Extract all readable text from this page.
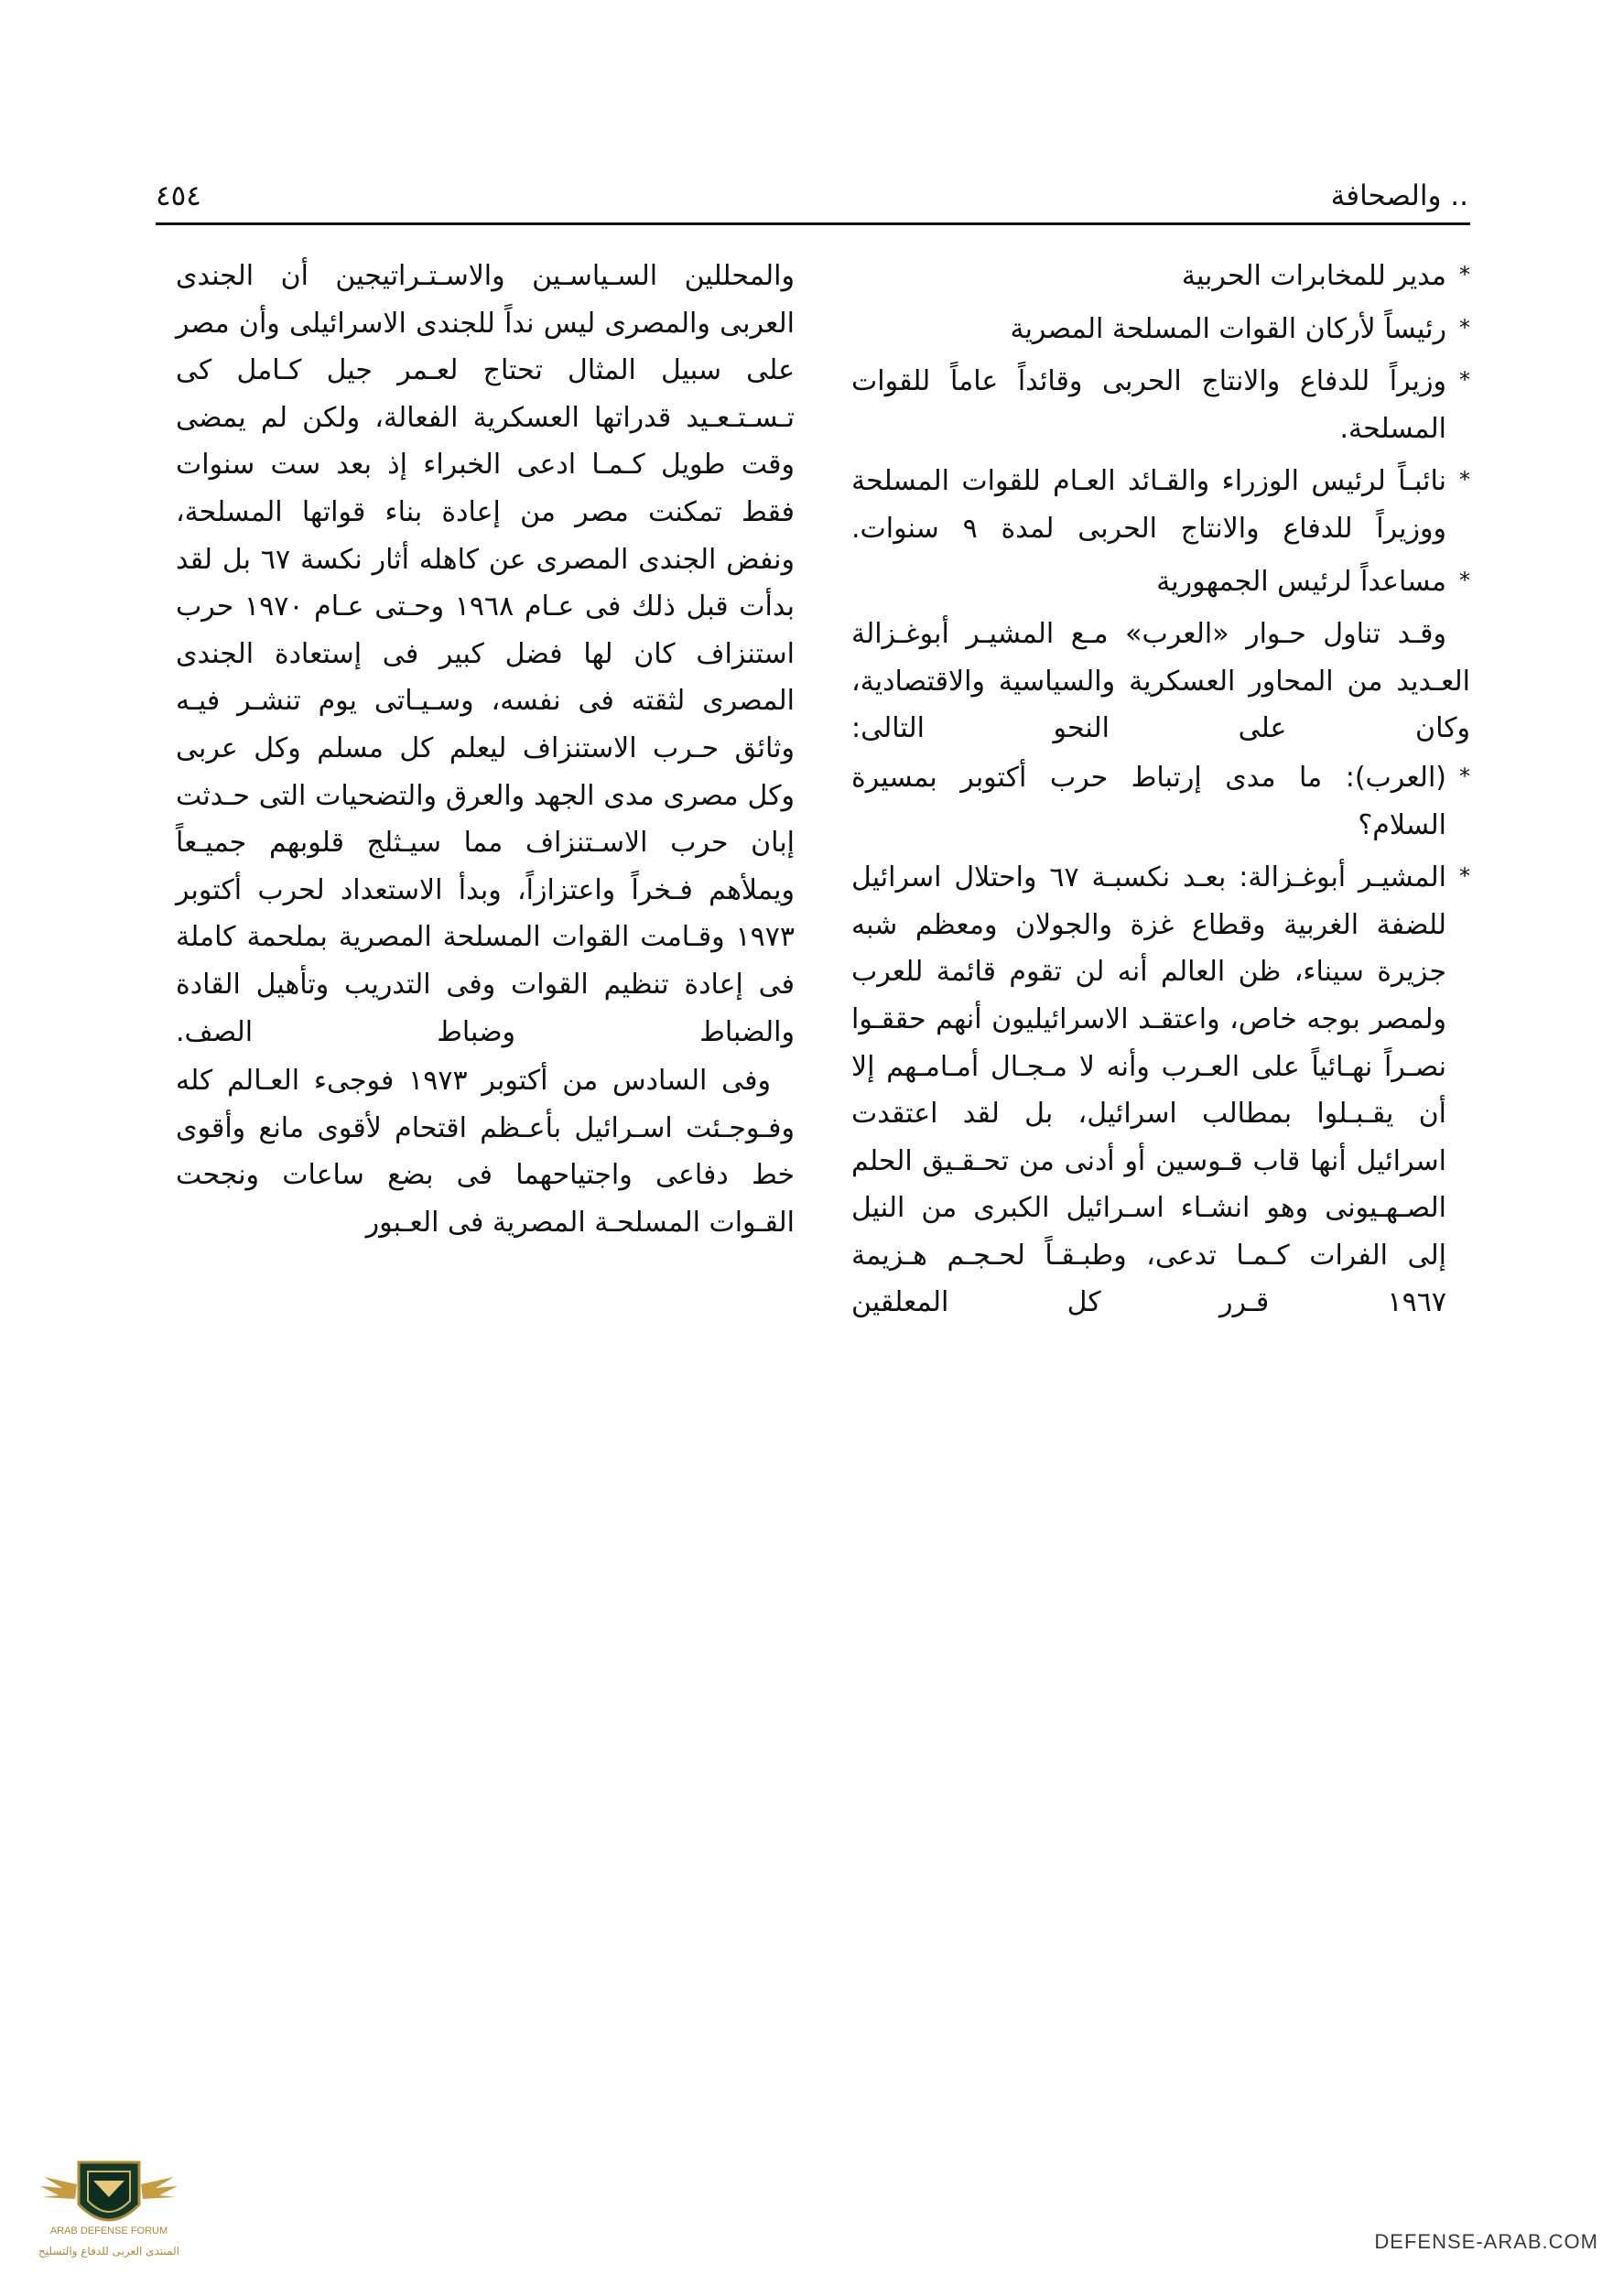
٤٥٤	.. والصحافة

والمحللين السـياسـين والاسـتـراتيجين أن الجندى العربى والمصرى ليس نداً للجندى الاسرائيلى وأن مصر على سبيل المثال تحتاج لعـمر جيل كـامل كى تـسـتـعـيد قدراتها العسكرية الفعالة، ولكن لم يمضى وقت طويل كـمـا ادعى الخبراء إذ بعد ست سنوات فقط تمكنت مصر من إعادة بناء قواتها المسلحة، ونفض الجندى المصرى عن كاهله أثار نكسة ٦٧ بل لقد بدأت قبل ذلك فى عـام ١٩٦٨ وحـتى عـام ١٩٧٠ حرب استنزاف كان لها فضل كبير فى إستعادة الجندى المصرى لثقته فى نفسه، وسـيـاتى يوم تنشـر فيـه وثائق حـرب الاستنزاف ليعلم كل مسلم وكل عربى وكل مصرى مدى الجهد والعرق والتضحيات التى حـدثت إبان حرب الاسـتنزاف مما سيـثلج قلوبهم جميـعاً ويملأهم فـخراً واعتزازاً، وبدأ الاستعداد لحرب أكتوبر ١٩٧٣ وقـامت القوات المسلحة المصرية بملحمة كاملة فى إعادة تنظيم القوات وفى التدريب وتأهيل القادة والضباط وضباط الصف.

وفى السادس من أكتوبر ١٩٧٣ فوجىء العـالم كله وفـوجـئت اسـرائيل بأعـظم اقتحام لأقوى مانع وأقوى خط دفاعى واجتياحهما فى بضع ساعات ونجحت القـوات المسلحـة المصرية فى العـبور

*
مدير للمخابرات الحربية
*
رئيساً لأركان القوات المسلحة المصرية
*
وزيراً للدفاع والانتاج الحربى وقائداً عاماً للقوات المسلحة.
*
نائبـاً لرئيس الوزراء والقـائد العـام للقوات المسلحة ووزيراً للدفاع والانتاج الحربى لمدة ٩ سنوات.
*
مساعداً لرئيس الجمهورية

وقـد تناول حـوار «العرب» مـع المشيـر أبوغـزالة العـديد من المحاور العسكرية والسياسية والاقتصادية، وكان على النحو التالى:

*
(العرب): ما مدى إرتباط حرب أكتوبر بمسيرة السلام؟
*
المشيـر أبوغـزالة: بعـد نكسبـة ٦٧ واحتلال اسرائيل للضفة الغربية وقطاع غزة والجولان ومعظم شبه جزيرة سيناء، ظن العالم أنه لن تقوم قائمة للعرب ولمصر بوجه خاص، واعتقـد الاسرائيليون أنهم حققـوا نصـراً نهـائياً على العـرب وأنه لا مـجـال أمـامـهم إلا أن يقـبـلوا بمطالب اسرائيل، بل لقد اعتقدت اسرائيل أنها قاب قـوسين أو أدنى من تحـقـيق الحلم الصـهـيونى وهو انشـاء اسـرائيل الكبرى من النيل إلى الفرات كـمـا تدعى، وطبـقـاً لحـجـم هـزيمة ١٩٦٧ قـرر كل المعلقين
ARAB DEFENSE FORUM
المنتدى العربى للدفاع والتسليح	DEFENSE-ARAB.COM
